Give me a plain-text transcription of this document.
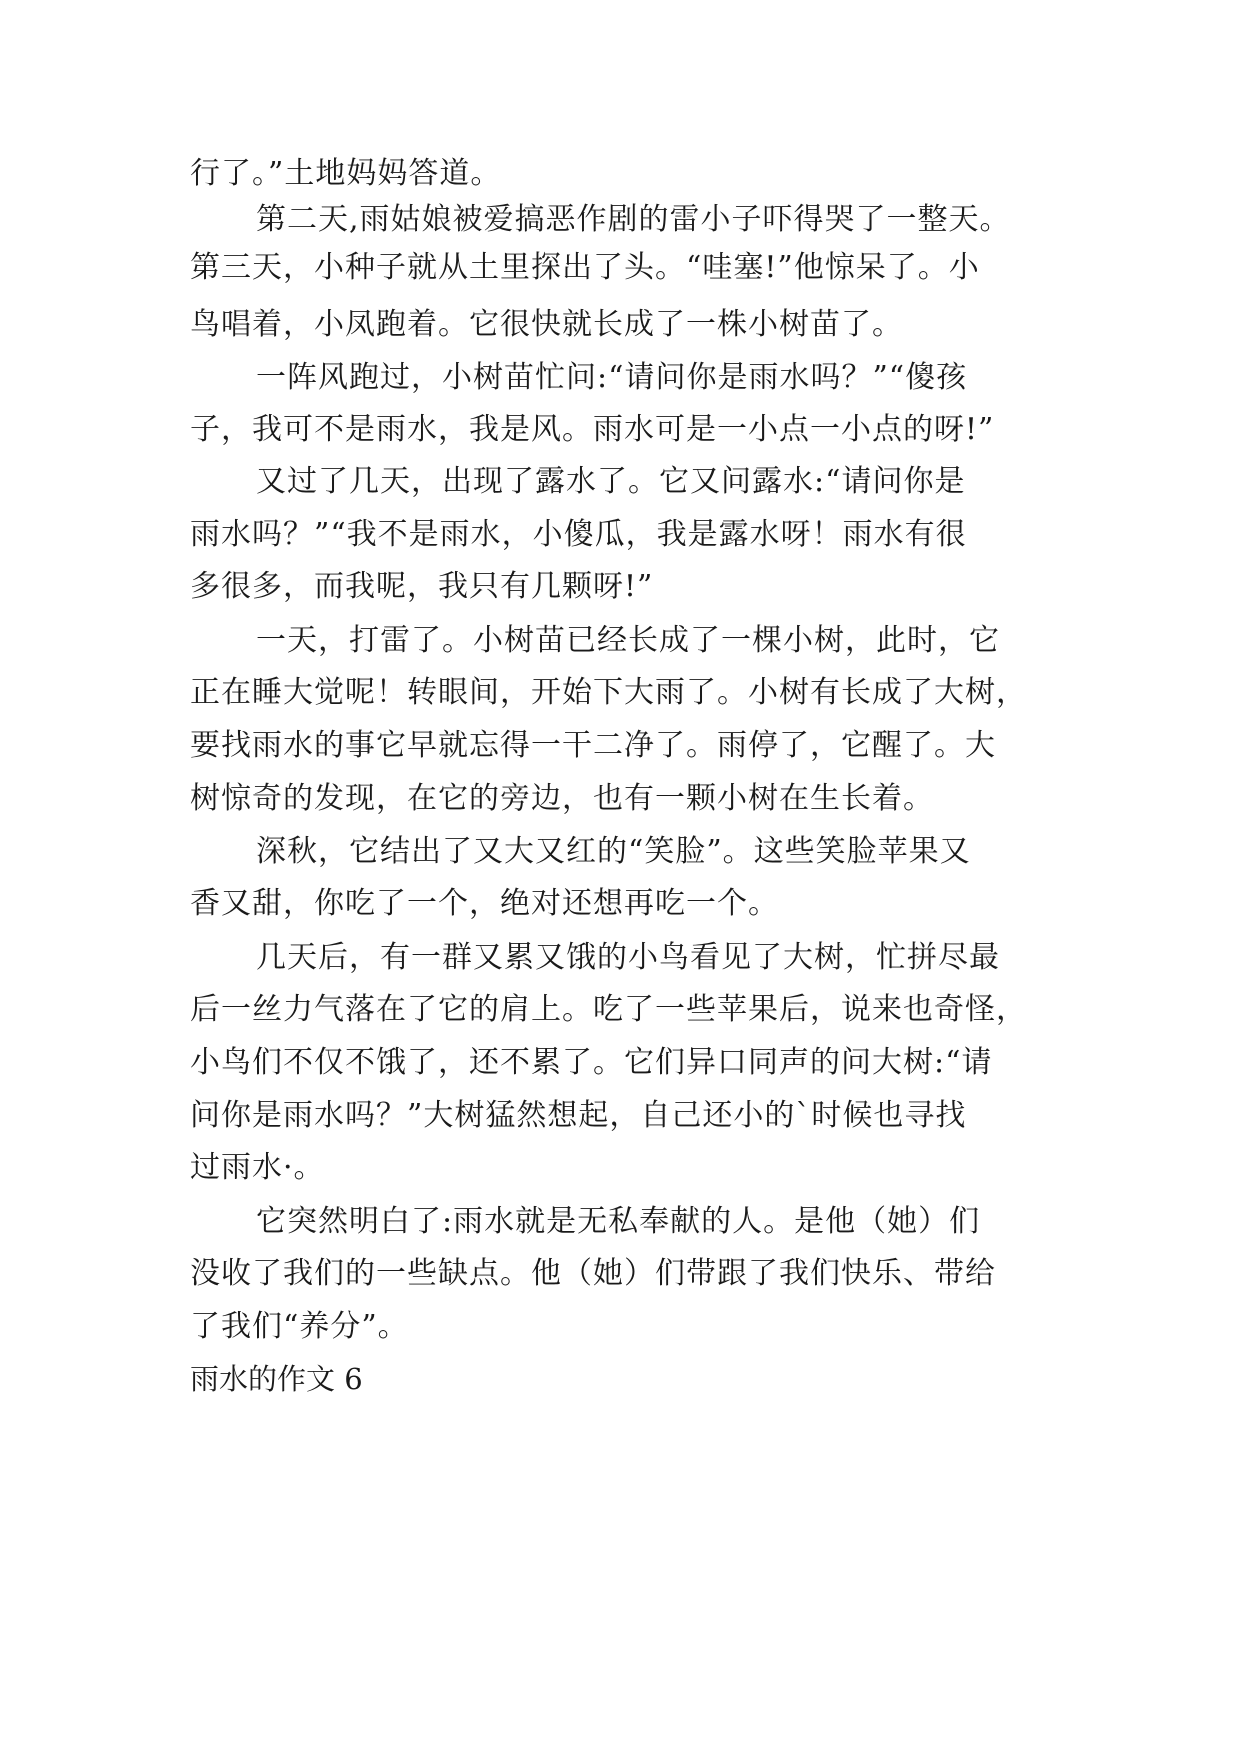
行了。”土地妈妈答道。
第二天,雨姑娘被爱搞恶作剧的雷小子吓得哭了一整天。
第三天，小种子就从土里探出了头。“哇塞!”他惊呆了。小
鸟唱着，小凤跑着。它很快就长成了一株小树苗了。
一阵风跑过，小树苗忙问:“请问你是雨水吗？”“傻孩
子，我可不是雨水，我是风。雨水可是一小点一小点的呀!”
又过了几天，出现了露水了。它又问露水:“请问你是
雨水吗？”“我不是雨水，小傻瓜，我是露水呀！雨水有很
多很多，而我呢，我只有几颗呀!”
一天，打雷了。小树苗已经长成了一棵小树，此时，它
正在睡大觉呢！转眼间，开始下大雨了。小树有长成了大树，
要找雨水的事它早就忘得一干二净了。雨停了，它醒了。大
树惊奇的发现，在它的旁边，也有一颗小树在生长着。
深秋，它结出了又大又红的“笑脸”。这些笑脸苹果又
香又甜，你吃了一个，绝对还想再吃一个。
几天后，有一群又累又饿的小鸟看见了大树，忙拼尽最
后一丝力气落在了它的肩上。吃了一些苹果后，说来也奇怪，
小鸟们不仅不饿了，还不累了。它们异口同声的问大树:“请
问你是雨水吗？”大树猛然想起，自己还小的`时候也寻找
过雨水·。
它突然明白了:雨水就是无私奉献的人。是他（她）们
没收了我们的一些缺点。他（她）们带跟了我们快乐、带给
了我们“养分”。
雨水的作文 6
